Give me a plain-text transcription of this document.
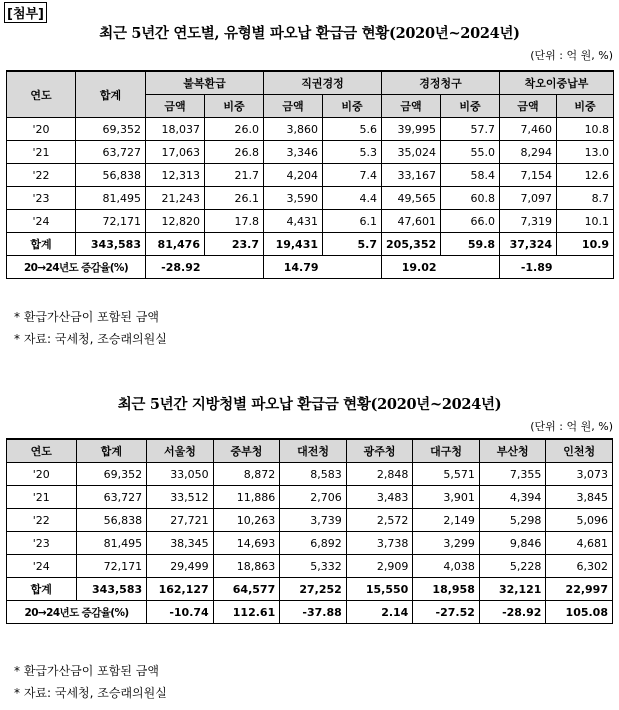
[첨부]
최근 5년간 연도별, 유형별 파오납 환급금 현황(2020년~2024년)
(단위 : 억 원, %)
연도	합계	불복환급		직권경정		경정청구		착오이중납부	
		금액	비중	금액	비중	금액	비중	금액	비중
'20	69,352	18,037	26.0	3,860	5.6	39,995	57.7	7,460	10.8
'21	63,727	17,063	26.8	3,346	5.3	35,024	55.0	8,294	13.0
'22	56,838	12,313	21.7	4,204	7.4	33,167	58.4	7,154	12.6
'23	81,495	21,243	26.1	3,590	4.4	49,565	60.8	7,097	8.7
'24	72,171	12,820	17.8	4,431	6.1	47,601	66.0	7,319	10.1
합계	343,583	81,476	23.7	19,431	5.7	205,352	59.8	37,324	10.9
20→24년도 증감율(%)		-28.92		14.79		19.02		-1.89	
* 환급가산금이 포함된 금액
* 자료: 국세청, 조승래의원실
최근 5년간 지방청별 파오납 환급금 현황(2020년~2024년)
(단위 : 억 원, %)
연도	합계	서울청	중부청	대전청	광주청	대구청	부산청	인천청
'20	69,352	33,050	8,872	8,583	2,848	5,571	7,355	3,073
'21	63,727	33,512	11,886	2,706	3,483	3,901	4,394	3,845
'22	56,838	27,721	10,263	3,739	2,572	2,149	5,298	5,096
'23	81,495	38,345	14,693	6,892	3,738	3,299	9,846	4,681
'24	72,171	29,499	18,863	5,332	2,909	4,038	5,228	6,302
합계	343,583	162,127	64,577	27,252	15,550	18,958	32,121	22,997
20→24년도 증감율(%)		-10.74	112.61	-37.88	2.14	-27.52	-28.92	105.08
* 환급가산금이 포함된 금액
* 자료: 국세청, 조승래의원실
